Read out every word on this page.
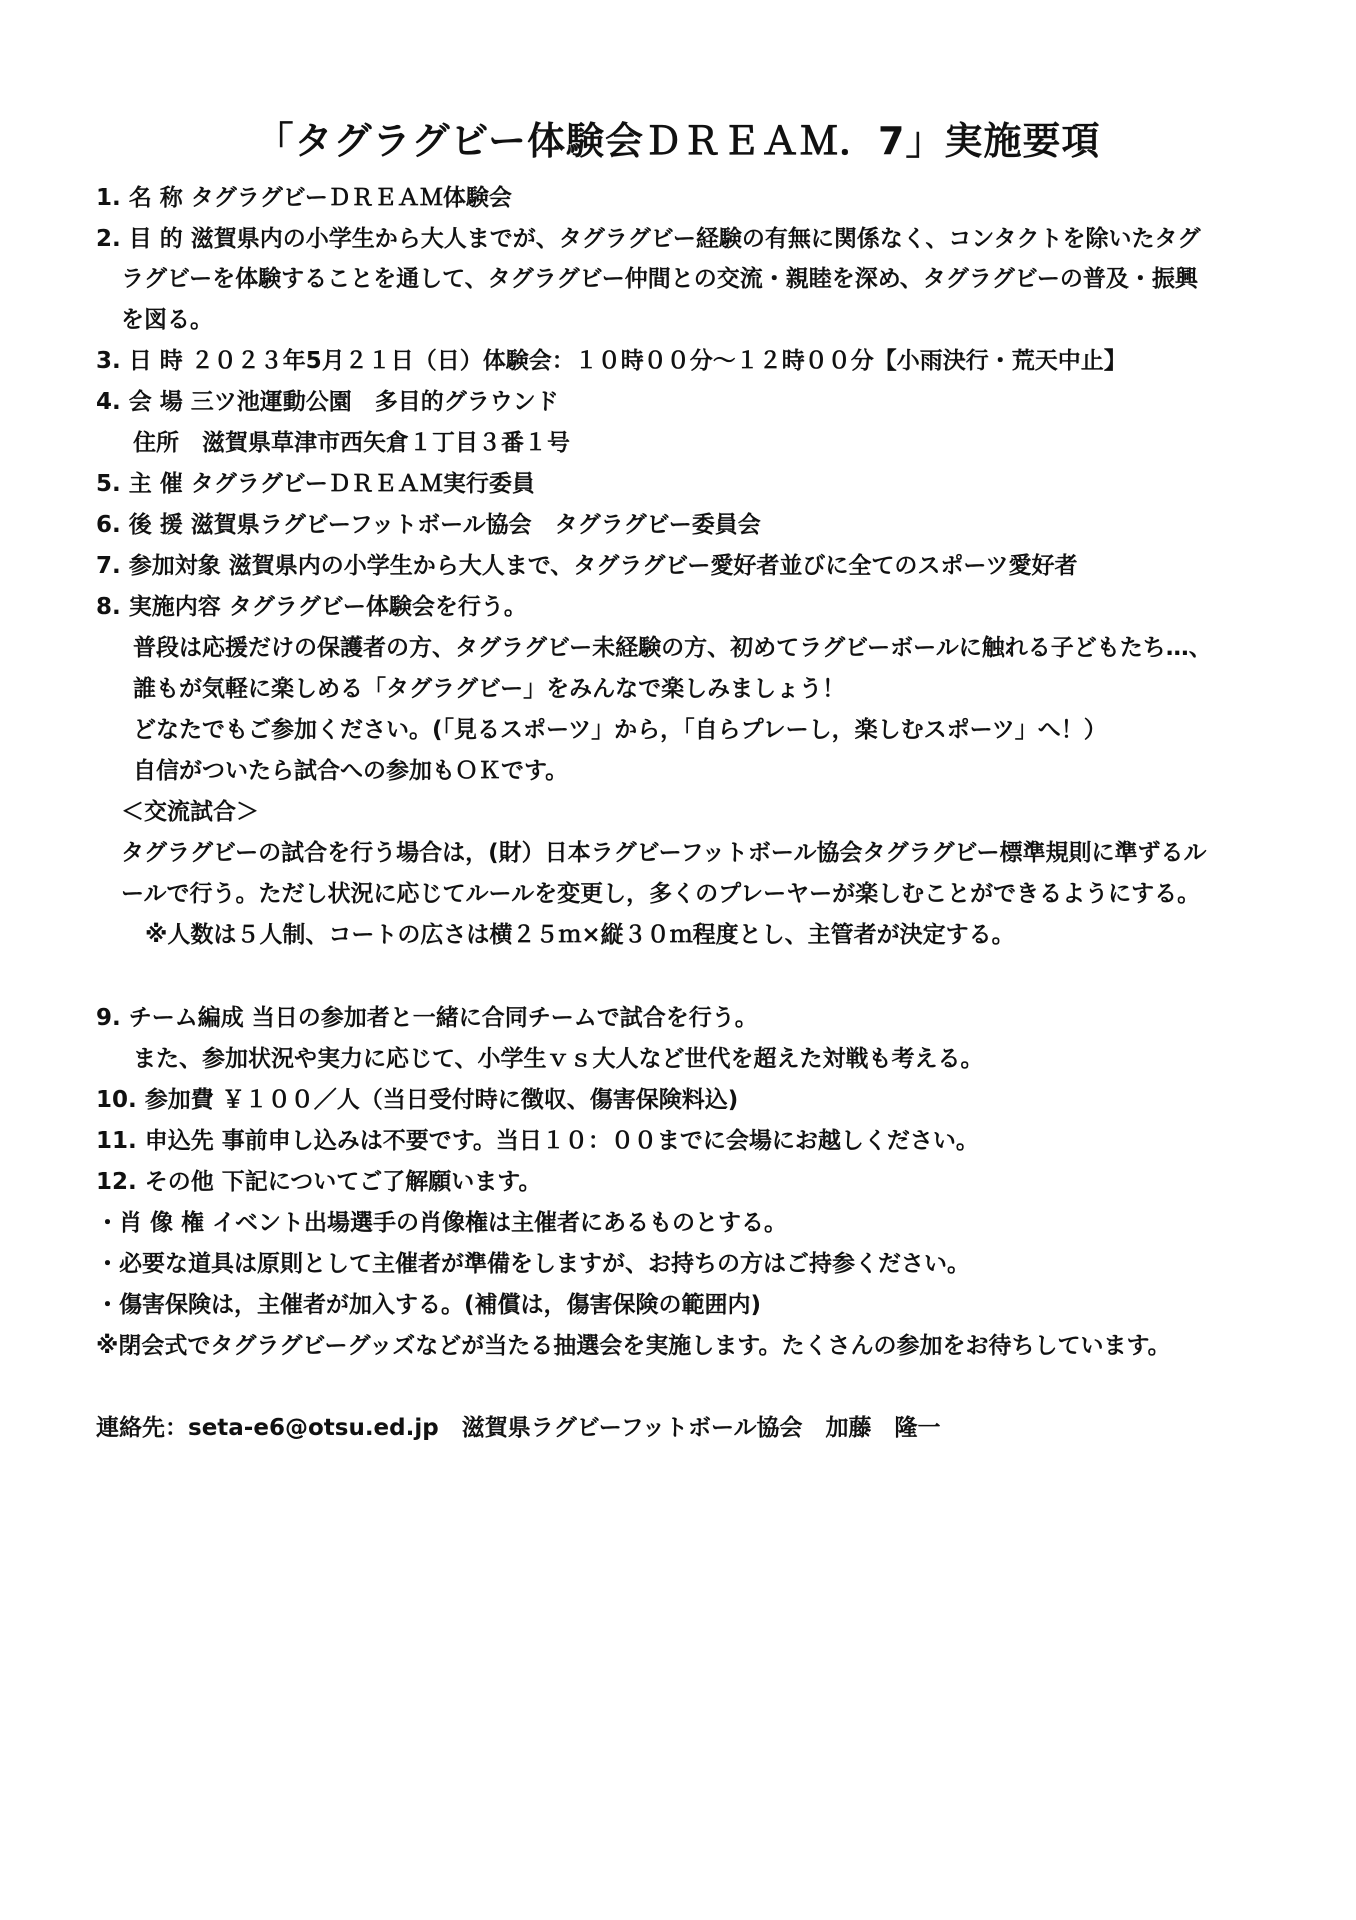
「タグラグビー体験会ＤＲＥＡＭ．7」実施要項
1. 名 称 タグラグビーＤＲＥＡＭ体験会
2. 目 的 滋賀県内の小学生から大人までが、タグラグビー経験の有無に関係なく、コンタクトを除いたタグ
ラグビーを体験することを通して、タグラグビー仲間との交流・親睦を深め、タグラグビーの普及・振興
を図る。
3. 日 時 ２０２３年5月２１日（日）体験会：１０時００分～１２時００分【小雨決行・荒天中止】
4. 会 場 三ツ池運動公園　多目的グラウンド
住所　滋賀県草津市西矢倉１丁目３番１号
5. 主 催 タグラグビーＤＲＥＡＭ実行委員
6. 後 援 滋賀県ラグビーフットボール協会　タグラグビー委員会
7. 参加対象 滋賀県内の小学生から大人まで、タグラグビー愛好者並びに全てのスポーツ愛好者
8. 実施内容 タグラグビー体験会を行う。
普段は応援だけの保護者の方、タグラグビー未経験の方、初めてラグビーボールに触れる子どもたち…、
誰もが気軽に楽しめる「タグラグビー」をみんなで楽しみましょう！
どなたでもご参加ください。(「見るスポーツ」から，「自らプレーし，楽しむスポーツ」へ！）
自信がついたら試合への参加もＯＫです。
＜交流試合＞
タグラグビーの試合を行う場合は，(財）日本ラグビーフットボール協会タグラグビー標準規則に準ずるル
ールで行う。ただし状況に応じてルールを変更し，多くのプレーヤーが楽しむことができるようにする。
※人数は５人制、コートの広さは横２５ｍ×縦３０ｍ程度とし、主管者が決定する。
9. チーム編成 当日の参加者と一緒に合同チームで試合を行う。
また、参加状況や実力に応じて、小学生ｖｓ大人など世代を超えた対戦も考える。
10. 参加費 ￥１００／人（当日受付時に徴収、傷害保険料込)
11. 申込先 事前申し込みは不要です。当日１０：００までに会場にお越しください。
12. その他 下記についてご了解願います。
・肖 像 権 イベント出場選手の肖像権は主催者にあるものとする。
・必要な道具は原則として主催者が準備をしますが、お持ちの方はご持参ください。
・傷害保険は，主催者が加入する。(補償は，傷害保険の範囲内)
※閉会式でタグラグビーグッズなどが当たる抽選会を実施します。たくさんの参加をお待ちしています。
連絡先：seta-e6@otsu.ed.jp　滋賀県ラグビーフットボール協会　加藤　隆一
